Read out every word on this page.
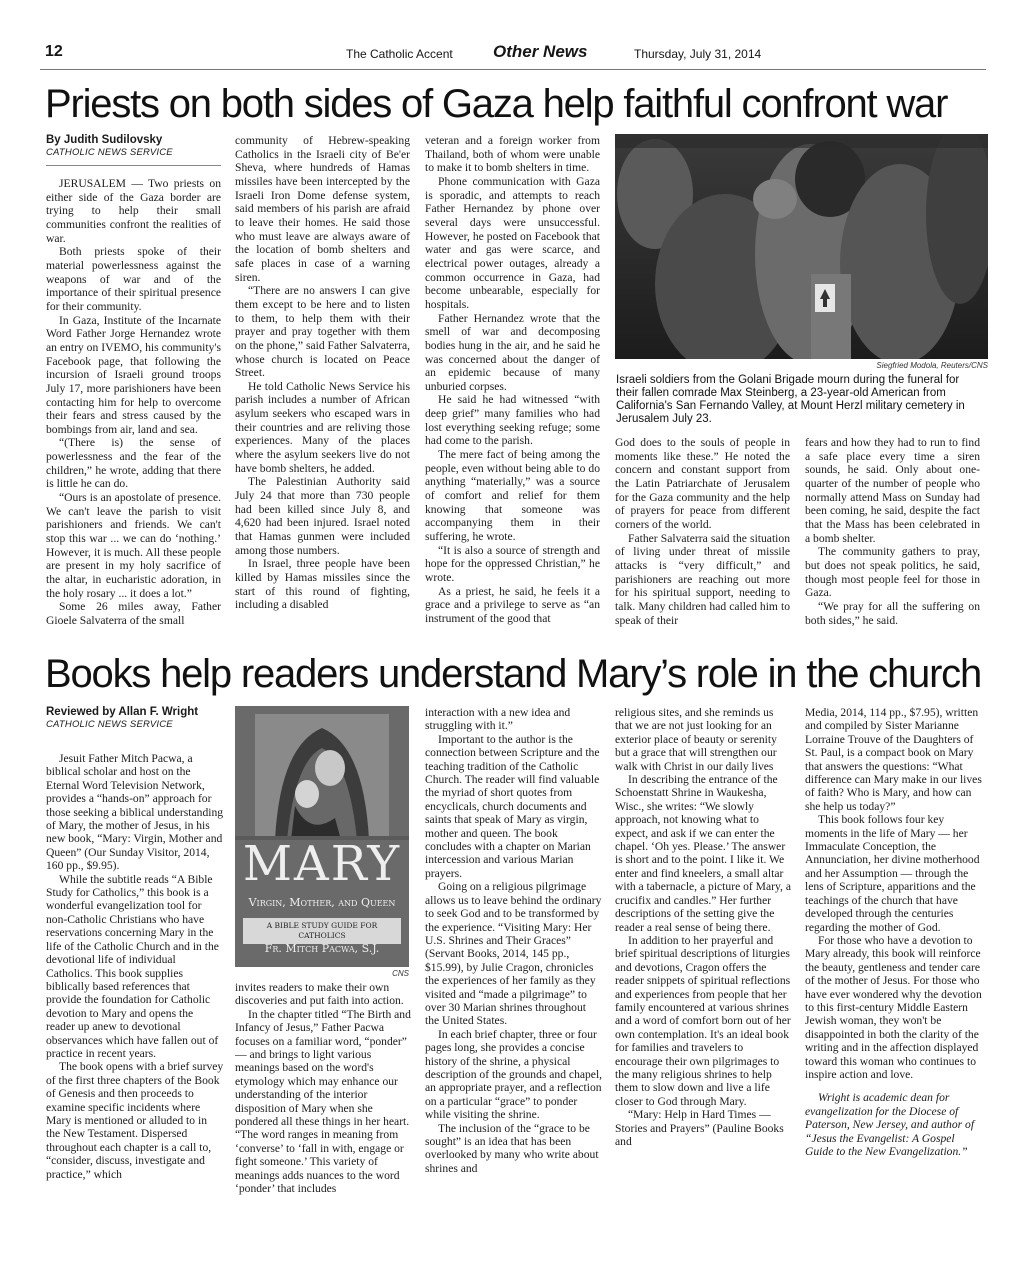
12	The Catholic Accent Other News	Thursday, July 31, 2014
Priests on both sides of Gaza help faithful confront war
By Judith Sudilovsky
CATHOLIC NEWS SERVICE

JERUSALEM — Two priests on either side of the Gaza border are trying to help their small communities confront the realities of war.

Both priests spoke of their material powerlessness against the weapons of war and of the importance of their spiritual presence for their community.

In Gaza, Institute of the Incarnate Word Father Jorge Hernandez wrote an entry on IVEMO, his community's Facebook page, that following the incursion of Israeli ground troops July 17, more parishioners have been contacting him for help to overcome their fears and stress caused by the bombings from air, land and sea.

“(There is) the sense of powerlessness and the fear of the children,” he wrote, adding that there is little he can do.

“Ours is an apostolate of presence. We can't leave the parish to visit parishioners and friends. We can't stop this war ... we can do ‘nothing.’ However, it is much. All these people are present in my holy sacrifice of the altar, in eucharistic adoration, in the holy rosary ... it does a lot.”

Some 26 miles away, Father Gioele Salvaterra of the small

community of Hebrew-speaking Catholics in the Israeli city of Be'er Sheva, where hundreds of Hamas missiles have been intercepted by the Israeli Iron Dome defense system, said members of his parish are afraid to leave their homes. He said those who must leave are always aware of the location of bomb shelters and safe places in case of a warning siren.

“There are no answers I can give them except to be here and to listen to them, to help them with their prayer and pray together with them on the phone,” said Father Salvaterra, whose church is located on Peace Street.

He told Catholic News Service his parish includes a number of African asylum seekers who escaped wars in their countries and are reliving those experiences. Many of the places where the asylum seekers live do not have bomb shelters, he added.

The Palestinian Authority said July 24 that more than 730 people had been killed since July 8, and 4,620 had been injured. Israel noted that Hamas gunmen were included among those numbers.

In Israel, three people have been killed by Hamas missiles since the start of this round of fighting, including a disabled

veteran and a foreign worker from Thailand, both of whom were unable to make it to bomb shelters in time.

Phone communication with Gaza is sporadic, and attempts to reach Father Hernandez by phone over several days were unsuccessful. However, he posted on Facebook that water and gas were scarce, and electrical power outages, already a common occurrence in Gaza, had become unbearable, especially for hospitals.

Father Hernandez wrote that the smell of war and decomposing bodies hung in the air, and he said he was concerned about the danger of an epidemic because of many unburied corpses.

He said he had witnessed “with deep grief” many families who had lost everything seeking refuge; some had come to the parish.

The mere fact of being among the people, even without being able to do anything “materially,” was a source of comfort and relief for them knowing that someone was accompanying them in their suffering, he wrote.

“It is also a source of strength and hope for the oppressed Christian,” he wrote.

As a priest, he said, he feels it a grace and a privilege to serve as “an instrument of the good that

Siegfried Modola, Reuters/CNS
Israeli soldiers from the Golani Brigade mourn during the funeral for their fallen comrade Max Steinberg, a 23-year-old American from California's San Fernando Valley, at Mount Herzl military cemetery in Jerusalem July 23.

God does to the souls of people in moments like these.” He noted the concern and constant support from the Latin Patriarchate of Jerusalem for the Gaza community and the help of prayers for peace from different corners of the world.

Father Salvaterra said the situation of living under threat of missile attacks is “very difficult,” and parishioners are reaching out more for his spiritual support, needing to talk. Many children had called him to speak of their

fears and how they had to run to find a safe place every time a siren sounds, he said. Only about one-quarter of the number of people who normally attend Mass on Sunday had been coming, he said, despite the fact that the Mass has been celebrated in a bomb shelter.

The community gathers to pray, but does not speak politics, he said, though most people feel for those in Gaza.

“We pray for all the suffering on both sides,” he said.

Books help readers understand Mary’s role in the church
Reviewed by Allan F. Wright
CATHOLIC NEWS SERVICE

Jesuit Father Mitch Pacwa, a biblical scholar and host on the Eternal Word Television Network, provides a “hands-on” approach for those seeking a biblical understanding of Mary, the mother of Jesus, in his new book, “Mary: Virgin, Mother and Queen” (Our Sunday Visitor, 2014, 160 pp., $9.95).

While the subtitle reads “A Bible Study for Catholics,” this book is a wonderful evangelization tool for non-Catholic Christians who have reservations concerning Mary in the life of the Catholic Church and in the devotional life of individual Catholics. This book supplies biblically based references that provide the foundation for Catholic devotion to Mary and opens the reader up anew to devotional observances which have fallen out of practice in recent years.

The book opens with a brief survey of the first three chapters of the Book of Genesis and then proceeds to examine specific incidents where Mary is mentioned or alluded to in the New Testament. Dispersed throughout each chapter is a call to, “consider, discuss, investigate and practice,” which

MARY
Virgin, Mother, and Queen
A BIBLE STUDY GUIDE FOR CATHOLICS
Fr. Mitch Pacwa, S.J.
CNS

invites readers to make their own discoveries and put faith into action.

In the chapter titled “The Birth and Infancy of Jesus,” Father Pacwa focuses on a familiar word, “ponder” — and brings to light various meanings based on the word's etymology which may enhance our understanding of the interior disposition of Mary when she pondered all these things in her heart. “The word ranges in meaning from ‘converse’ to ‘fall in with, engage or fight someone.’ This variety of meanings adds nuances to the word ‘ponder’ that includes

interaction with a new idea and struggling with it.”

Important to the author is the connection between Scripture and the teaching tradition of the Catholic Church. The reader will find valuable the myriad of short quotes from encyclicals, church documents and saints that speak of Mary as virgin, mother and queen. The book concludes with a chapter on Marian intercession and various Marian prayers.

Going on a religious pilgrimage allows us to leave behind the ordinary to seek God and to be transformed by the experience. “Visiting Mary: Her U.S. Shrines and Their Graces” (Servant Books, 2014, 145 pp., $15.99), by Julie Cragon, chronicles the experiences of her family as they visited and “made a pilgrimage” to over 30 Marian shrines throughout the United States.

In each brief chapter, three or four pages long, she provides a concise history of the shrine, a physical description of the grounds and chapel, an appropriate prayer, and a reflection on a particular “grace” to ponder while visiting the shrine.

The inclusion of the “grace to be sought” is an idea that has been overlooked by many who write about shrines and

religious sites, and she reminds us that we are not just looking for an exterior place of beauty or serenity but a grace that will strengthen our walk with Christ in our daily lives

In describing the entrance of the Schoenstatt Shrine in Waukesha, Wisc., she writes: “We slowly approach, not knowing what to expect, and ask if we can enter the chapel. ‘Oh yes. Please.’ The answer is short and to the point. I like it. We enter and find kneelers, a small altar with a tabernacle, a picture of Mary, a crucifix and candles.” Her further descriptions of the setting give the reader a real sense of being there.

In addition to her prayerful and brief spiritual descriptions of liturgies and devotions, Cragon offers the reader snippets of spiritual reflections and experiences from people that her family encountered at various shrines and a word of comfort born out of her own contemplation. It's an ideal book for families and travelers to encourage their own pilgrimages to the many religious shrines to help them to slow down and live a life closer to God through Mary.

“Mary: Help in Hard Times — Stories and Prayers” (Pauline Books and

Media, 2014, 114 pp., $7.95), written and compiled by Sister Marianne Lorraine Trouve of the Daughters of St. Paul, is a compact book on Mary that answers the questions: “What difference can Mary make in our lives of faith? Who is Mary, and how can she help us today?”

This book follows four key moments in the life of Mary — her Immaculate Conception, the Annunciation, her divine motherhood and her Assumption — through the lens of Scripture, apparitions and the teachings of the church that have developed through the centuries regarding the mother of God.

For those who have a devotion to Mary already, this book will reinforce the beauty, gentleness and tender care of the mother of Jesus. For those who have ever wondered why the devotion to this first-century Middle Eastern Jewish woman, they won't be disappointed in both the clarity of the writing and in the affection displayed toward this woman who continues to inspire action and love.

Wright is academic dean for evangelization for the Diocese of Paterson, New Jersey, and author of “Jesus the Evangelist: A Gospel Guide to the New Evangelization.”
